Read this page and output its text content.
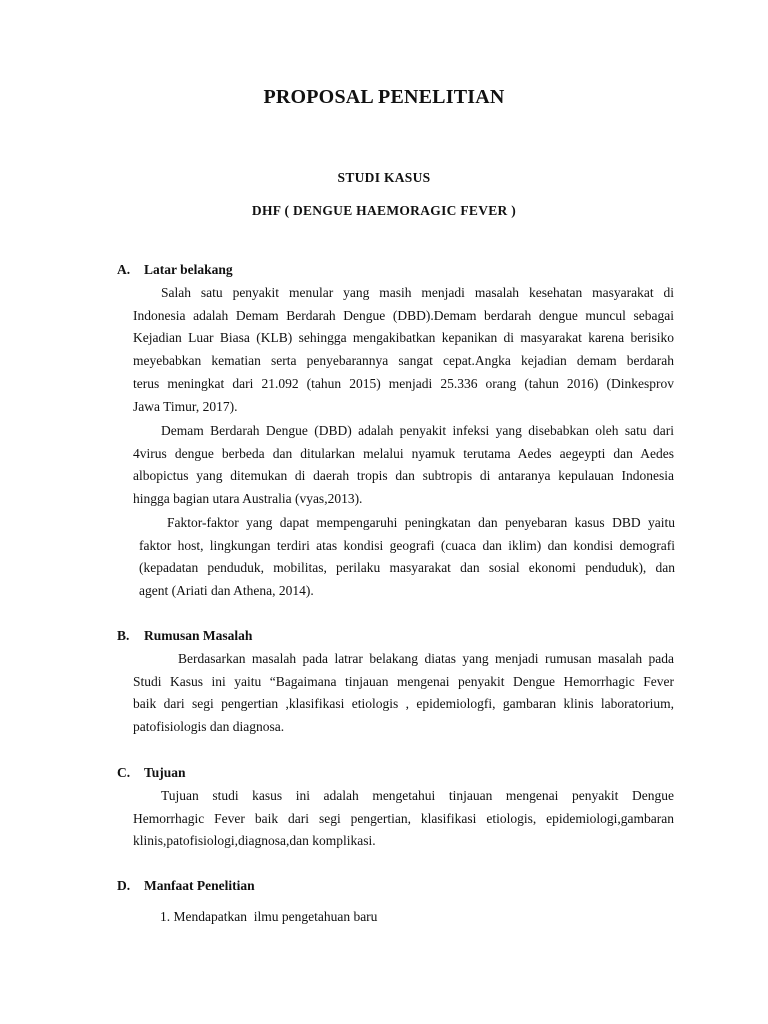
PROPOSAL PENELITIAN
STUDI KASUS
DHF ( DENGUE HAEMORAGIC FEVER )
A. Latar belakang
Salah satu penyakit menular yang masih menjadi masalah kesehatan masyarakat di
Indonesia adalah Demam Berdarah Dengue (DBD).Demam berdarah dengue muncul sebagai
Kejadian Luar Biasa (KLB) sehingga mengakibatkan kepanikan di masyarakat karena berisiko
meyebabkan kematian serta penyebarannya sangat cepat.Angka kejadian demam berdarah
terus meningkat dari 21.092 (tahun 2015) menjadi 25.336 orang (tahun 2016) (Dinkesprov
Jawa Timur, 2017).
Demam Berdarah Dengue (DBD) adalah penyakit infeksi yang disebabkan oleh satu dari
4virus dengue berbeda dan ditularkan melalui nyamuk terutama Aedes aegeypti dan Aedes
albopictus yang ditemukan di daerah tropis dan subtropis di antaranya kepulauan Indonesia
hingga bagian utara Australia (vyas,2013).
Faktor-faktor yang dapat mempengaruhi peningkatan dan penyebaran kasus DBD yaitu
faktor host, lingkungan terdiri atas kondisi geografi (cuaca dan iklim) dan kondisi demografi
(kepadatan penduduk, mobilitas, perilaku masyarakat dan sosial ekonomi penduduk), dan
agent (Ariati dan Athena, 2014).
B. Rumusan Masalah
Berdasarkan masalah pada latrar belakang diatas yang menjadi rumusan masalah pada
Studi Kasus ini yaitu “Bagaimana tinjauan mengenai penyakit Dengue Hemorrhagic Fever
baik dari segi pengertian ,klasifikasi etiologis , epidemiologfi, gambaran klinis laboratorium,
patofisiologis dan diagnosa.
C. Tujuan
Tujuan studi kasus ini adalah mengetahui tinjauan mengenai penyakit Dengue
Hemorrhagic Fever baik dari segi pengertian, klasifikasi etiologis, epidemiologi,gambaran
klinis,patofisiologi,diagnosa,dan komplikasi.
D. Manfaat Penelitian
1. Mendapatkan  ilmu pengetahuan baru
